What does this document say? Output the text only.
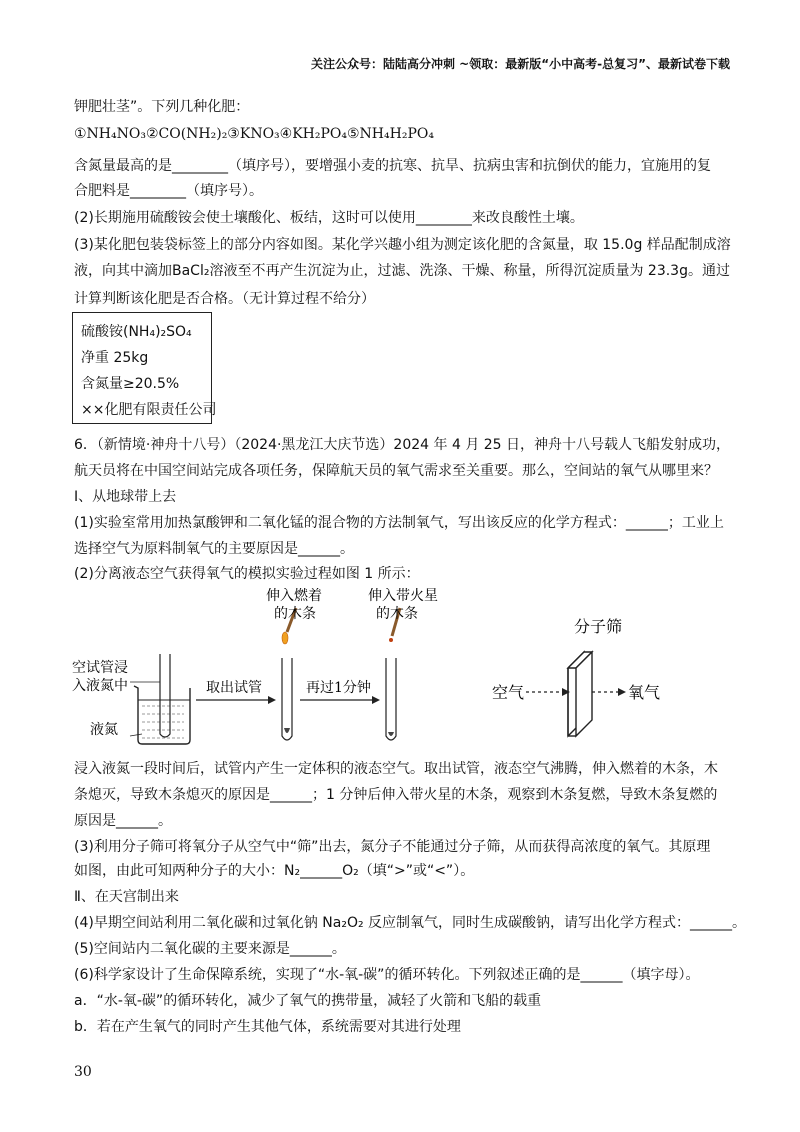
关注公众号：陆陆高分冲刺 ~领取：最新版“小中高考-总复习”、最新试卷下载
钾肥壮茎”。下列几种化肥：
①NH₄NO₃②CO(NH₂)₂③KNO₃④KH₂PO₄⑤NH₄H₂PO₄
含氮量最高的是________（填序号），要增强小麦的抗寒、抗旱、抗病虫害和抗倒伏的能力，宜施用的复
合肥料是________（填序号）。
(2)长期施用硫酸铵会使土壤酸化、板结，这时可以使用________来改良酸性土壤。
(3)某化肥包装袋标签上的部分内容如图。某化学兴趣小组为测定该化肥的含氮量，取 15.0g 样品配制成溶
液，向其中滴加BaCl₂溶液至不再产生沉淀为止，过滤、洗涤、干燥、称量，所得沉淀质量为 23.3g。通过
计算判断该化肥是否合格。（无计算过程不给分）
硫酸铵(NH₄)₂SO₄
净重 25kg
含氮量≥20.5%
××化肥有限责任公司
6．（新情境·神舟十八号）（2024·黑龙江大庆节选）2024 年 4 月 25 日，神舟十八号载人飞船发射成功，
航天员将在中国空间站完成各项任务，保障航天员的氧气需求至关重要。那么，空间站的氧气从哪里来？
I、从地球带上去
(1)实验室常用加热氯酸钾和二氧化锰的混合物的方法制氧气，写出该反应的化学方程式：______；工业上
选择空气为原料制氧气的主要原因是______。
(2)分离液态空气获得氧气的模拟实验过程如图 1 所示：
空试管浸
入液氮中
液氮
取出试管
伸入燃着
的木条
再过1分钟
伸入带火星
的木条
分子筛
空气	氧气
浸入液氮一段时间后，试管内产生一定体积的液态空气。取出试管，液态空气沸腾，伸入燃着的木条，木
条熄灭，导致木条熄灭的原因是______；1 分钟后伸入带火星的木条，观察到木条复燃，导致木条复燃的
原因是______。
(3)利用分子筛可将氧分子从空气中“筛”出去，氮分子不能通过分子筛，从而获得高浓度的氧气。其原理
如图，由此可知两种分子的大小：N₂______O₂（填“>”或“<”）。
Ⅱ、在天宫制出来
(4)早期空间站利用二氧化碳和过氧化钠 Na₂O₂ 反应制氧气，同时生成碳酸钠，请写出化学方程式：______。
(5)空间站内二氧化碳的主要来源是______。
(6)科学家设计了生命保障系统，实现了“水-氧-碳”的循环转化。下列叙述正确的是______（填字母）。
a．“水-氧-碳”的循环转化，减少了氧气的携带量，减轻了火箭和飞船的载重
b．若在产生氧气的同时产生其他气体，系统需要对其进行处理
30
